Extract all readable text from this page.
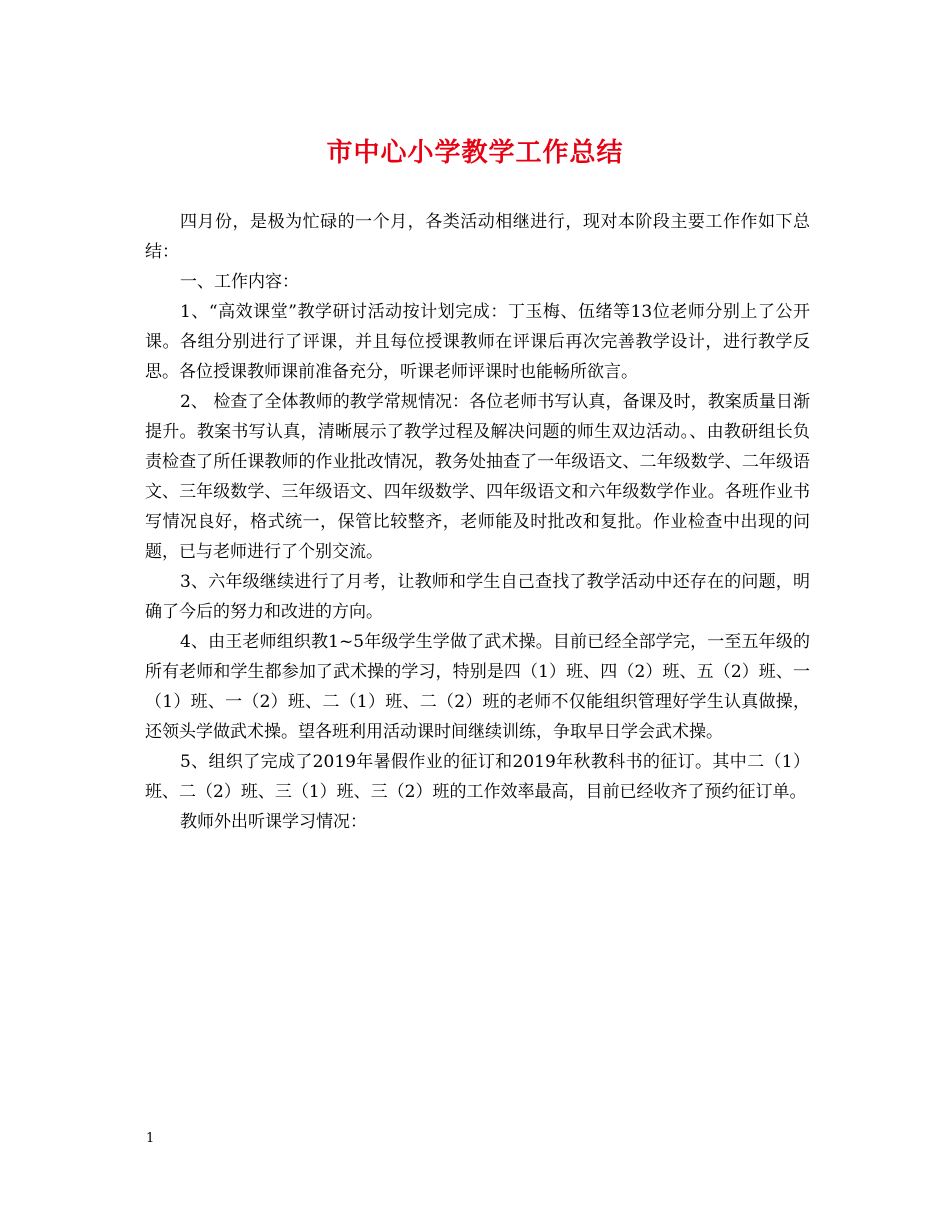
市中心小学教学工作总结

四月份，是极为忙碌的一个月，各类活动相继进行，现对本阶段主要工作作如下总结：

一、工作内容：

1、“高效课堂”教学研讨活动按计划完成：丁玉梅、伍绪等13位老师分别上了公开课。各组分别进行了评课，并且每位授课教师在评课后再次完善教学设计，进行教学反思。各位授课教师课前准备充分，听课老师评课时也能畅所欲言。

2、 检查了全体教师的教学常规情况：各位老师书写认真，备课及时，教案质量日渐提升。教案书写认真，清晰展示了教学过程及解决问题的师生双边活动。、由教研组长负责检查了所任课教师的作业批改情况，教务处抽查了一年级语文、二年级数学、二年级语文、三年级数学、三年级语文、四年级数学、四年级语文和六年级数学作业。各班作业书写情况良好，格式统一，保管比较整齐，老师能及时批改和复批。作业检查中出现的问题，已与老师进行了个别交流。

3、六年级继续进行了月考，让教师和学生自己查找了教学活动中还存在的问题，明确了今后的努力和改进的方向。

4、由王老师组织教1~5年级学生学做了武术操。目前已经全部学完，一至五年级的所有老师和学生都参加了武术操的学习，特别是四（1）班、四（2）班、五（2）班、一（1）班、一（2）班、二（1）班、二（2）班的老师不仅能组织管理好学生认真做操，还领头学做武术操。望各班利用活动课时间继续训练，争取早日学会武术操。

5、组织了完成了2019年暑假作业的征订和2019年秋教科书的征订。其中二（1）班、二（2）班、三（1）班、三（2）班的工作效率最高，目前已经收齐了预约征订单。

教师外出听课学习情况：

1
